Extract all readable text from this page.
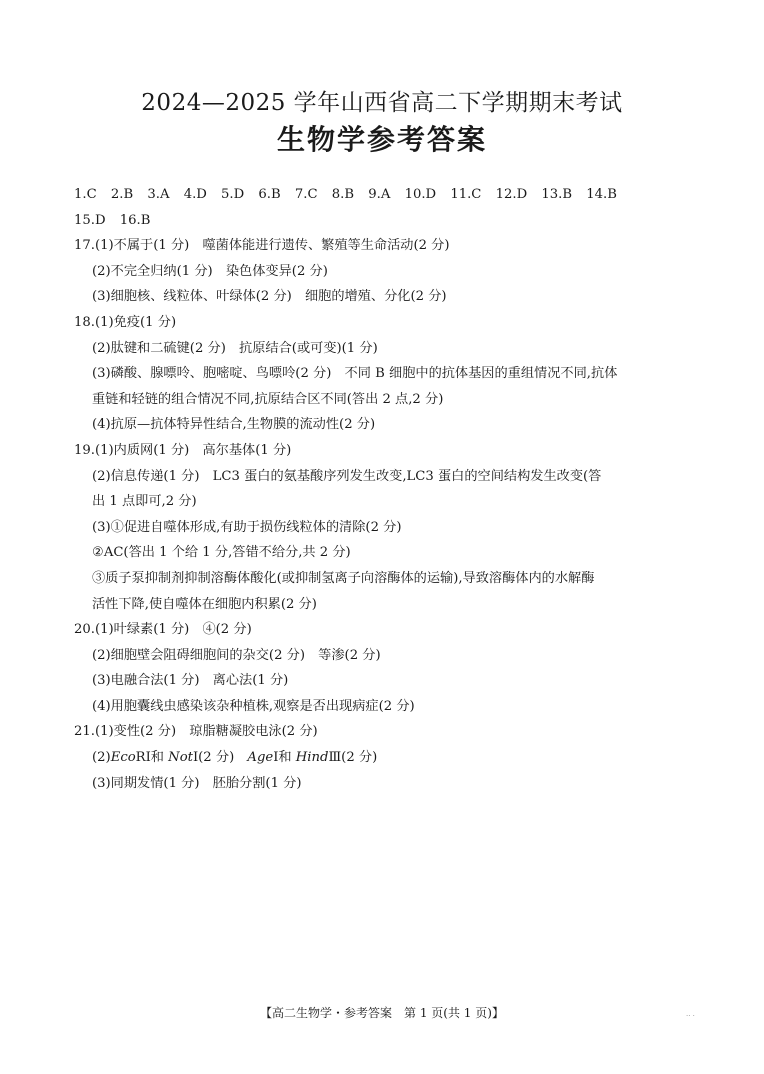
2024—2025 学年山西省高二下学期期末考试
生物学参考答案
1.C 2.B 3.A 4.D 5.D 6.B 7.C 8.B 9.A 10.D 11.C 12.D 13.B 14.B
15.D 16.B
17.(1)不属于(1 分)　噬菌体能进行遗传、繁殖等生命活动(2 分)
(2)不完全归纳(1 分)　染色体变异(2 分)
(3)细胞核、线粒体、叶绿体(2 分)　细胞的增殖、分化(2 分)
18.(1)免疫(1 分)
(2)肽键和二硫键(2 分)　抗原结合(或可变)(1 分)
(3)磷酸、腺嘌呤、胞嘧啶、鸟嘌呤(2 分)　不同 B 细胞中的抗体基因的重组情况不同,抗体
重链和轻链的组合情况不同,抗原结合区不同(答出 2 点,2 分)
(4)抗原—抗体特异性结合,生物膜的流动性(2 分)
19.(1)内质网(1 分)　高尔基体(1 分)
(2)信息传递(1 分)　LC3 蛋白的氨基酸序列发生改变,LC3 蛋白的空间结构发生改变(答
出 1 点即可,2 分)
(3)①促进自噬体形成,有助于损伤线粒体的清除(2 分)
②AC(答出 1 个给 1 分,答错不给分,共 2 分)
③质子泵抑制剂抑制溶酶体酸化(或抑制氢离子向溶酶体的运输),导致溶酶体内的水解酶
活性下降,使自噬体在细胞内积累(2 分)
20.(1)叶绿素(1 分)　④(2 分)
(2)细胞壁会阻碍细胞间的杂交(2 分)　等渗(2 分)
(3)电融合法(1 分)　离心法(1 分)
(4)用胞囊线虫感染该杂种植株,观察是否出现病症(2 分)
21.(1)变性(2 分)　琼脂糖凝胶电泳(2 分)
(2)EcoRⅠ和 NotⅠ(2 分)　AgeⅠ和 HindⅢ(2 分)
(3)同期发情(1 分)　胚胎分割(1 分)
【高二生物学・参考答案　第 1 页(共 1 页)】	·· ·
